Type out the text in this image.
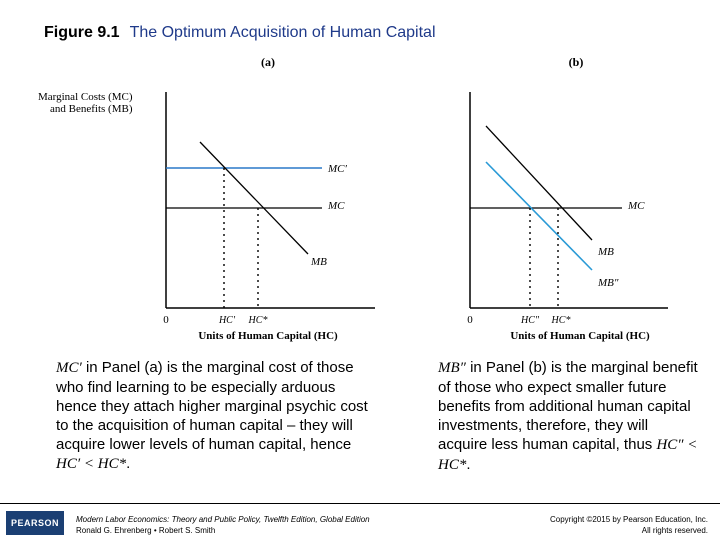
Figure 9.1 The Optimum Acquisition of Human Capital
(a)
Marginal Costs (MC)
and Benefits (MB)
MC′
MC
MB
0	HC′ HC*
Units of Human Capital (HC)
(b)
MC
MB
MB″
0	HC″ HC*
Units of Human Capital (HC)
MC′ in Panel (a) is the marginal cost of those who find learning to be especially arduous hence they attach higher marginal psychic cost to the acquisition of human capital – they will acquire lower levels of human capital, hence HC′ < HC*.
MB″ in Panel (b) is the marginal benefit of those who expect smaller future benefits from additional human capital investments, therefore, they will acquire less human capital, thus HC″ < HC*.
PEARSON	Modern Labor Economics: Theory and Public Policy, Twelfth Edition, Global Edition
Ronald G. Ehrenberg • Robert S. Smith
Copyright ©2015 by Pearson Education, Inc.
All rights reserved.
